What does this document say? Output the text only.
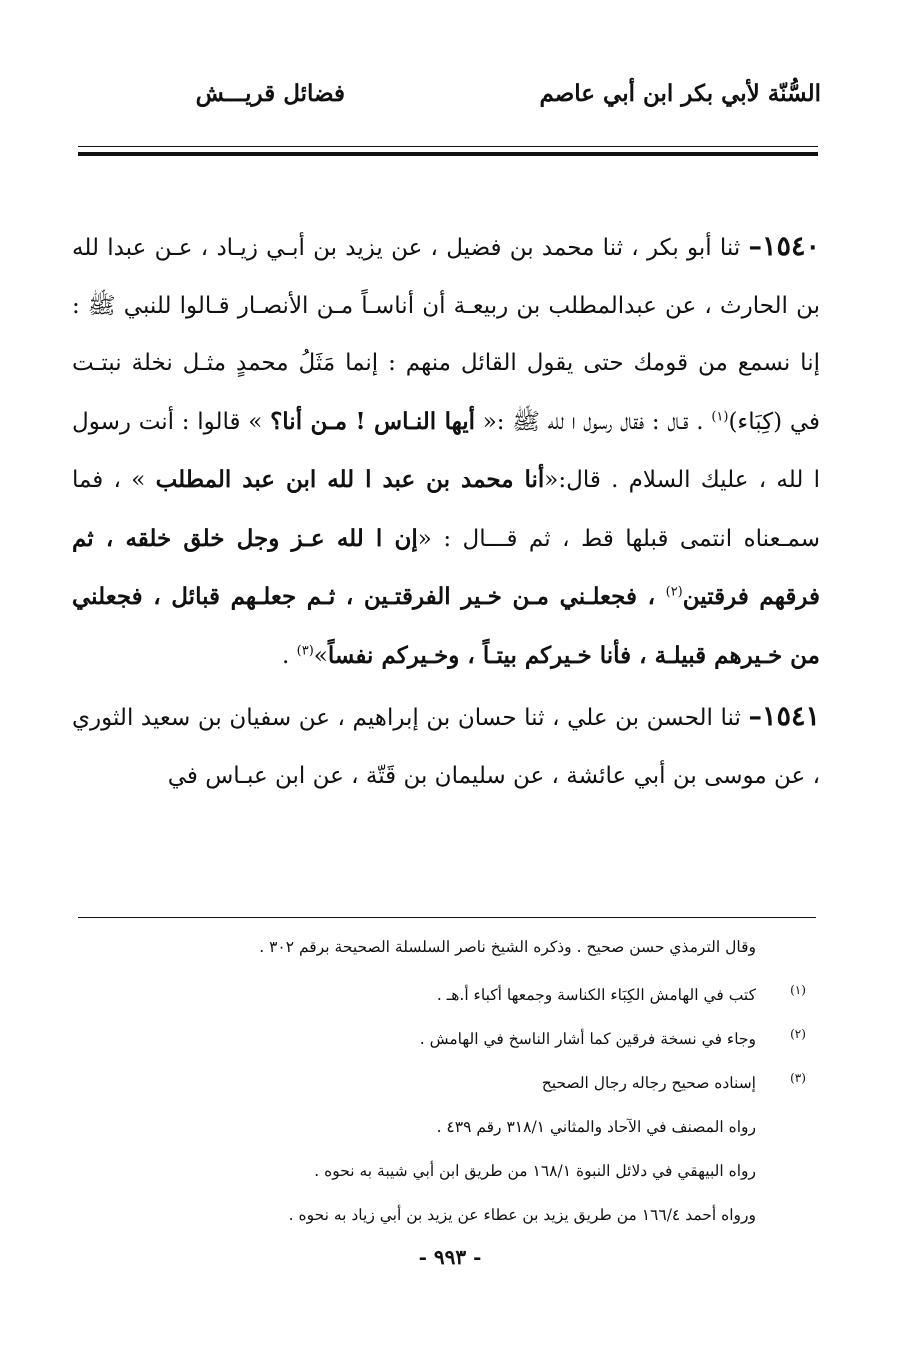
السُّنّة لأبي بكر ابن أبي عاصم
فضائل قريـــش

١٥٤٠– ثنا أبو بكر ، ثنا محمد بن فضيل ، عن يزيد بن أبـي زيـاد ، عـن عبدا لله بن الحارث ، عن عبدالمطلب بن ربيعـة أن أناسـاً مـن الأنصـار قـالوا للنبي ﷺ : إنا نسمع من قومك حتى يقول القائل منهم : إنما مَثَلُ محمدٍ مثـل نخلة نبتـت في (كِبَاء)$^{(١)}$ . قـال : فقال رسول ا لله ﷺ :« أيها النـاس ! مـن أنا؟ » قالوا : أنت رسول ا لله ، عليك السلام . قال:«أنا محمد بن عبد ا لله ابن عبد المطلب » ، فما سمـعناه انتمى قبلها قط ، ثم قـــال : «إن ا لله عـز وجل خلق خلقه ، ثم فرقهم فرقتين$^{(٢)}$ ، فجعلـني مـن خـير الفرقتـين ، ثـم جعلـهم قبائل ، فجعلني من خـيرهم قبيلـة ، فأنا خـيركم بيتـاً ، وخـيركم نفساً»$^{(٣)}$ .

١٥٤١– ثنا الحسن بن علي ، ثنا حسان بن إبراهيم ، عن سفيان بن سعيد الثوري ، عن موسى بن أبي عائشة ، عن سليمان بن قَتّة ، عن ابن عبـاس في

وقال الترمذي حسن صحيح . وذكره الشيخ ناصر السلسلة الصحيحة برقم ٣٠٢ .
(١)
كتب في الهامش الكِبَاء الكناسة وجمعها أكباء أ.هـ .
(٢)
وجاء في نسخة فرقين كما أشار الناسخ في الهامش .
(٣)
إسناده صحيح رجاله رجال الصحيح
رواه المصنف في الآحاد والمثاني ٣١٨/١ رقم ٤٣٩ .
رواه البيهقي في دلائل النبوة ١٦٨/١ من طريق ابن أبي شيبة به نحوه .
ورواه أحمد ١٦٦/٤ من طريق يزيد بن عطاء عن يزيد بن أبي زياد به نحوه .
- ٩٩٣ -
